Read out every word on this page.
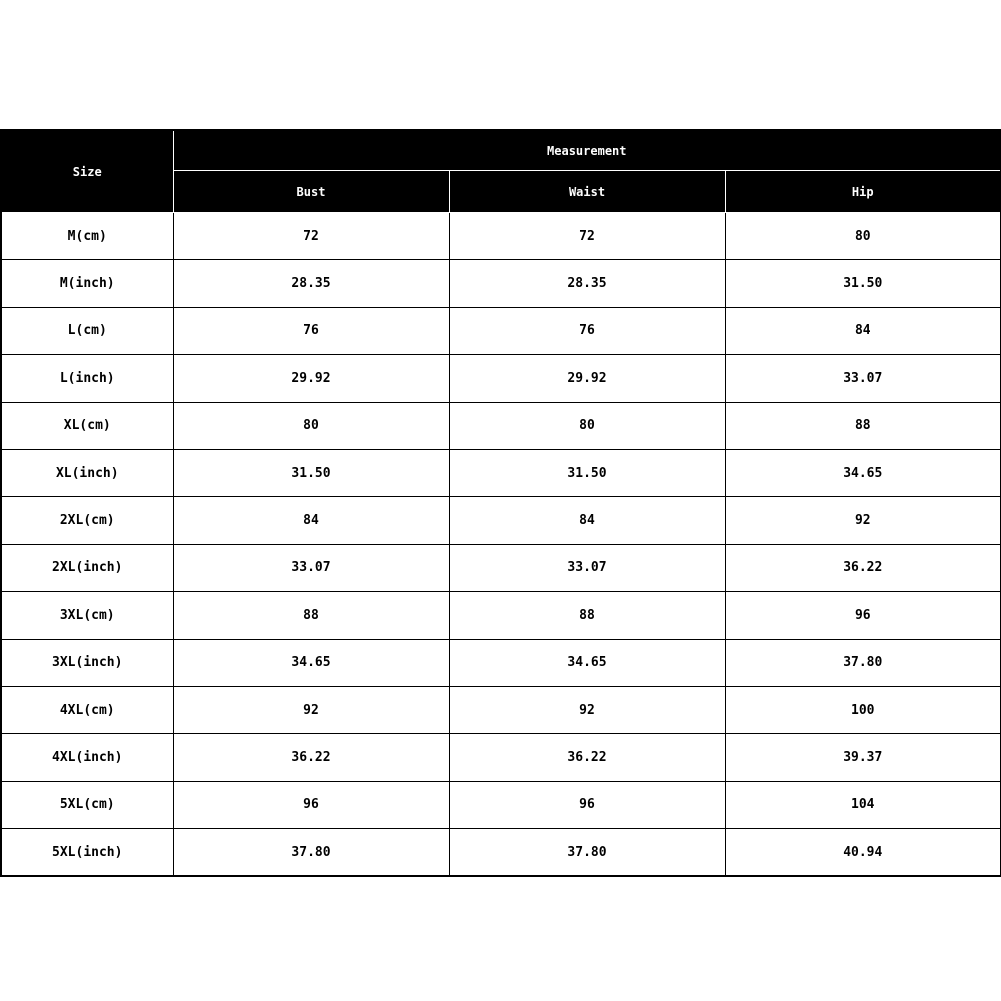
Size	Measurement		
	Bust	Waist	Hip
M(cm)	72	72	80
M(inch)	28.35	28.35	31.50
L(cm)	76	76	84
L(inch)	29.92	29.92	33.07
XL(cm)	80	80	88
XL(inch)	31.50	31.50	34.65
2XL(cm)	84	84	92
2XL(inch)	33.07	33.07	36.22
3XL(cm)	88	88	96
3XL(inch)	34.65	34.65	37.80
4XL(cm)	92	92	100
4XL(inch)	36.22	36.22	39.37
5XL(cm)	96	96	104
5XL(inch)	37.80	37.80	40.94
